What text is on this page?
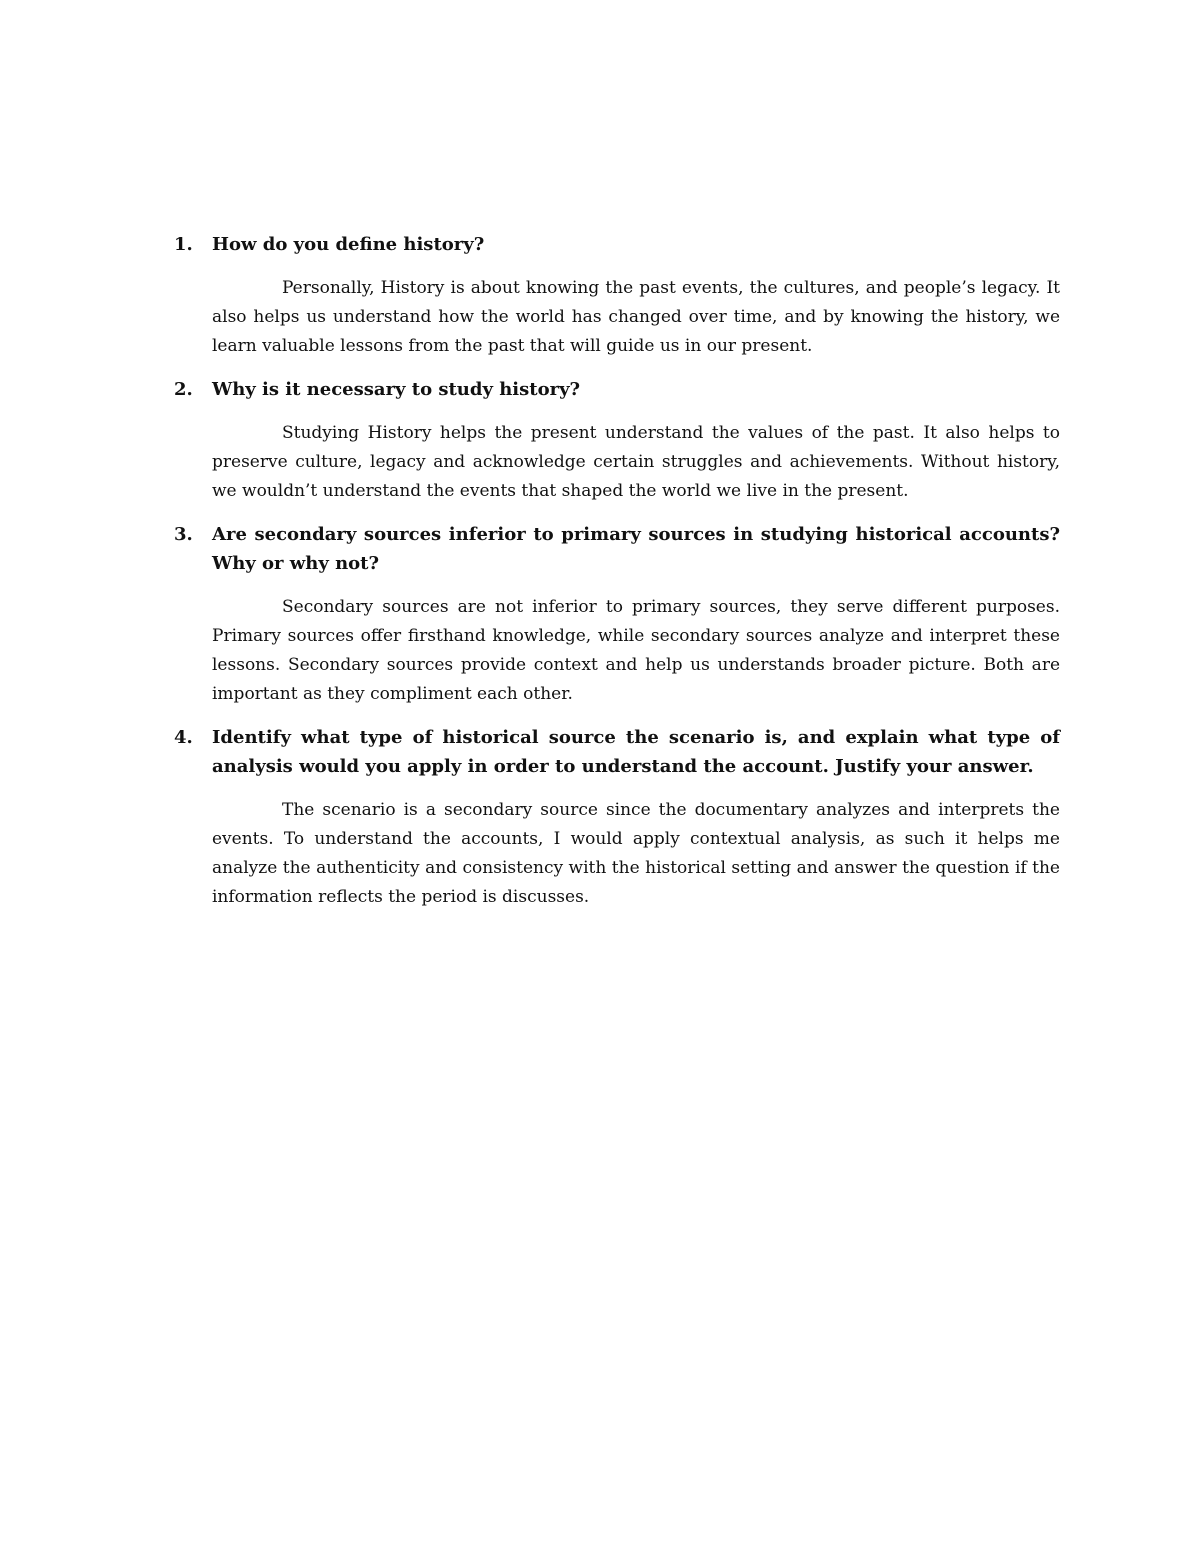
1. How do you define history?

Personally, History is about knowing the past events, the cultures, and people’s legacy. It also helps us understand how the world has changed over time, and by knowing the history, we learn valuable lessons from the past that will guide us in our present.

2. Why is it necessary to study history?

Studying History helps the present understand the values of the past. It also helps to preserve culture, legacy and acknowledge certain struggles and achievements. Without history, we wouldn’t understand the events that shaped the world we live in the present.

3. Are secondary sources inferior to primary sources in studying historical accounts? Why or why not?

Secondary sources are not inferior to primary sources, they serve different purposes. Primary sources offer firsthand knowledge, while secondary sources analyze and interpret these lessons. Secondary sources provide context and help us understands broader picture. Both are important as they compliment each other.

4. Identify what type of historical source the scenario is, and explain what type of analysis would you apply in order to understand the account. Justify your answer.

The scenario is a secondary source since the documentary analyzes and interprets the events. To understand the accounts, I would apply contextual analysis, as such it helps me analyze the authenticity and consistency with the historical setting and answer the question if the information reflects the period is discusses.
